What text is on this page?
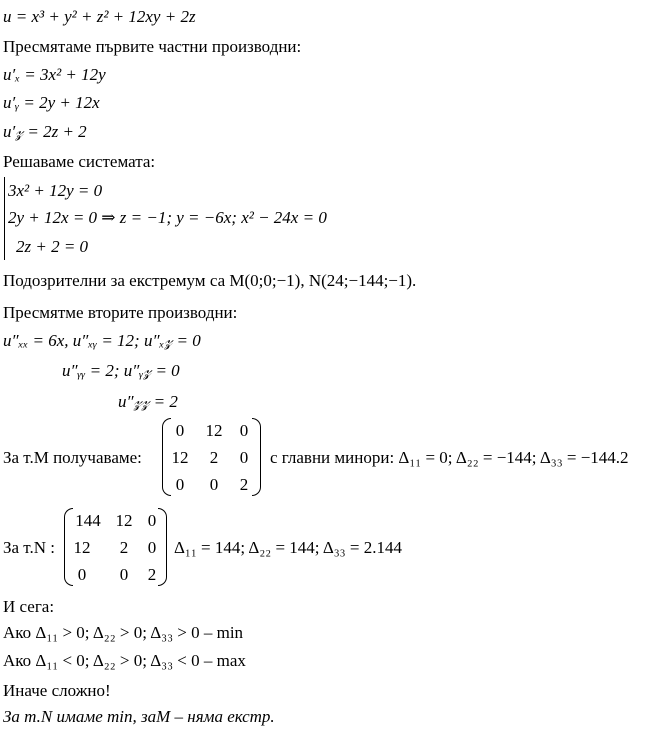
u = x³ + y² + z² + 12xy + 2z
Пресмятаме първите частни производни:
u′ₓ = 3x² + 12y
u′ᵧ = 2y + 12x
u′𝓏 = 2z + 2
Решаваме системата:
3x² + 12y = 0
2y + 12x = 0 ⇒ z = −1; y = −6x; x² − 24x = 0
2z + 2 = 0
Подозрителни за екстремум са M(0;0;−1), N(24;−144;−1).
Пресмятме вторите производни:
u″ₓₓ = 6x, u″ₓᵧ = 12; u″ₓ𝓏 = 0
u″ᵧᵧ = 2; u″ᵧ𝓏 = 0
u″𝓏𝓏 = 2
За т.M получаваме:
0	12	0
12	2	0
0	0	2
с главни минори: Δ₁₁ = 0; Δ₂₂ = −144; Δ₃₃ = −144.2
За т.N :
144 12 0
12	2	0
0	0	2
Δ₁₁ = 144; Δ₂₂ = 144; Δ₃₃ = 2.144
И сега:
Ако Δ₁₁ > 0; Δ₂₂ > 0; Δ₃₃ > 0 – min
Ако Δ₁₁ < 0; Δ₂₂ > 0; Δ₃₃ < 0 – max
Иначе сложно!
За т.N имаме min, заM – няма екстр.
